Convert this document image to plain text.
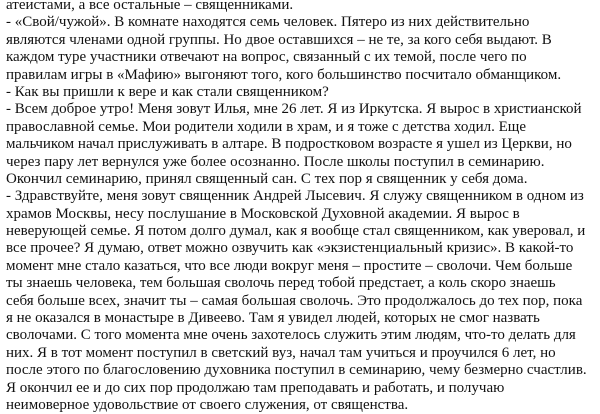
атеистами, а все остальные – священниками.
- «Свой/чужой». В комнате находятся семь человек. Пятеро из них действительно
являются членами одной группы. Но двое оставшихся – не те, за кого себя выдают. В
каждом туре участники отвечают на вопрос, связанный с их темой, после чего по
правилам игры в «Мафию» выгоняют того, кого большинство посчитало обманщиком.
- Как вы пришли к вере и как стали священником?
- Всем доброе утро! Меня зовут Илья, мне 26 лет. Я из Иркутска. Я вырос в христианской
православной семье. Мои родители ходили в храм, и я тоже с детства ходил. Еще
мальчиком начал прислуживать в алтаре. В подростковом возрасте я ушел из Церкви, но
через пару лет вернулся уже более осознанно. После школы поступил в семинарию.
Окончил семинарию, принял священный сан. С тех пор я священник у себя дома.
- Здравствуйте, меня зовут священник Андрей Лысевич. Я служу священником в одном из
храмов Москвы, несу послушание в Московской Духовной академии. Я вырос в
неверующей семье. Я потом долго думал, как я вообще стал священником, как уверовал, и
все прочее? Я думаю, ответ можно озвучить как «экзистенциальный кризис». В какой-то
момент мне стало казаться, что все люди вокруг меня – простите – сволочи. Чем больше
ты знаешь человека, тем большая сволочь перед тобой предстает, а коль скоро знаешь
себя больше всех, значит ты – самая большая сволочь. Это продолжалось до тех пор, пока
я не оказался в монастыре в Дивеево. Там я увидел людей, которых не смог назвать
сволочами. С того момента мне очень захотелось служить этим людям, что-то делать для
них. Я в тот момент поступил в светский вуз, начал там учиться и проучился 6 лет, но
после этого по благословению духовника поступил в семинарию, чему безмерно счастлив.
Я окончил ее и до сих пор продолжаю там преподавать и работать, и получаю
неимоверное удовольствие от своего служения, от священства.
